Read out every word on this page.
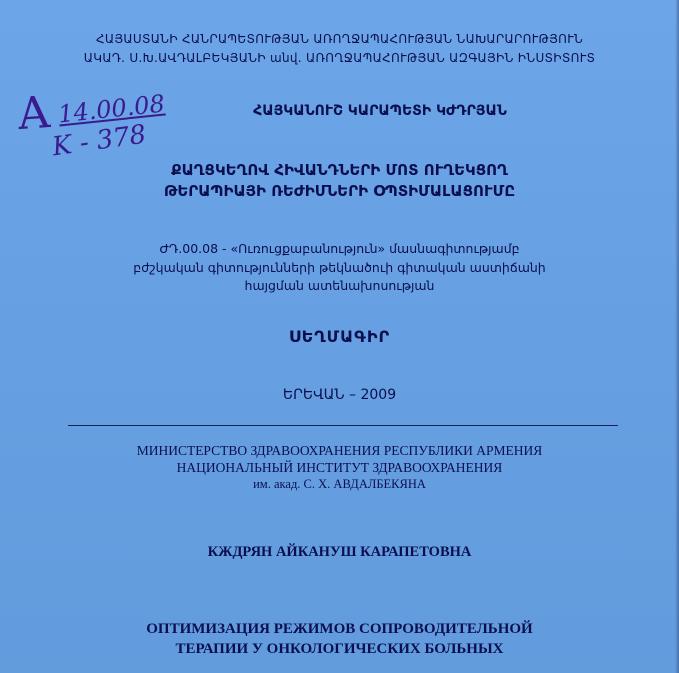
ՀԱՅԱՍՏԱՆԻ ՀԱՆՐԱՊԵՏՈՒԹՅԱՆ ԱՌՈՂՋԱՊԱՀՈՒԹՅԱՆ ՆԱԽԱՐԱՐՈՒԹՅՈՒՆ
ԱԿԱԴ. Ս.Խ.ԱՎԴԱԼԲԵԿՅԱՆԻ անվ. ԱՌՈՂՋԱՊԱՀՈՒԹՅԱՆ ԱԶԳԱՅԻՆ ԻՆՍՏԻՏՈՒՏ
A 14.00.08
K - 378
ՀԱՅԿԱՆՈՒՇ ԿԱՐԱՊԵՏԻ ԿԺԴՐՅԱՆ
ՔԱՂՑԿԵՂՈՎ ՀԻՎԱՆԴՆԵՐԻ ՄՈՏ ՈՒՂԵԿՑՈՂ
ԹԵՐԱՊԻԱՅԻ ՌԵԺԻՄՆԵՐԻ ՕՊՏԻՄԱԼԱՑՈՒՄԸ
ԺԴ.00.08 - «Ուռուցքաբանություն» մասնագիտությամբ
բժշկական գիտությունների թեկնածուի գիտական աստիճանի
հայցման ատենախոսության
ՍԵՂՄԱԳԻՐ
ԵՐԵՎԱՆ – 2009
МИНИСТЕРСТВО ЗДРАВООХРАНЕНИЯ РЕСПУБЛИКИ АРМЕНИЯ
НАЦИОНАЛЬНЫЙ ИНСТИТУТ ЗДРАВООХРАНЕНИЯ
им. акад. С. Х. АВДАЛБЕКЯНА
КЖДРЯН АЙКАНУШ КАРАПЕТОВНА
ОПТИМИЗАЦИЯ РЕЖИМОВ СОПРОВОДИТЕЛЬНОЙ
ТЕРАПИИ У ОНКОЛОГИЧЕСКИХ БОЛЬНЫХ
